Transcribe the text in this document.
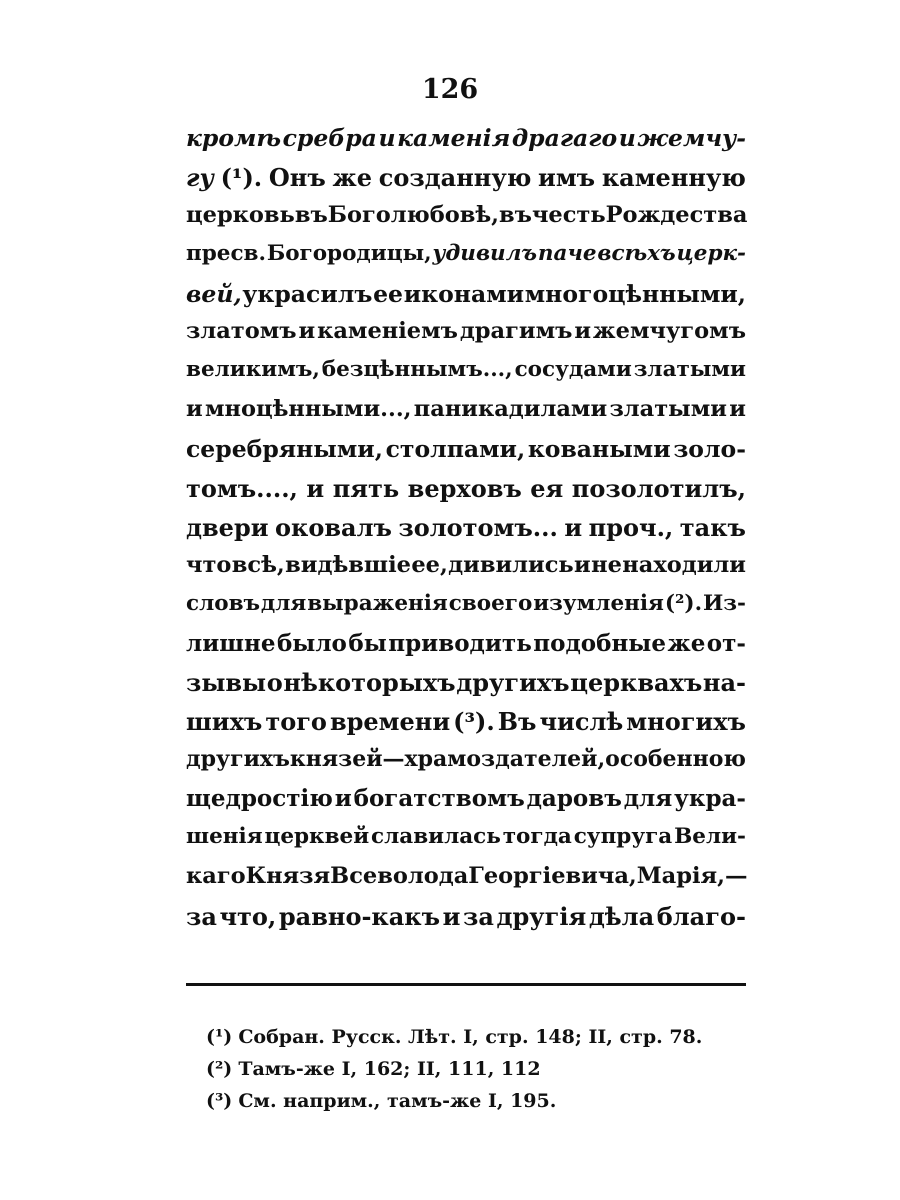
126
кромѣ сребра и каменія драгаго и жемчу-
гу (¹). Онъ же созданную имъ каменную
церковь въ Боголюбовѣ, въ честь Рождества
пресв. Богородицы, удивилъ паче всѣхъ церк-
вей, украсилъ ее иконами многоцѣнными,
златомъ и каменіемъ драгимъ и жемчугомъ
великимъ, безцѣннымъ..., сосудами златыми
и мноцѣнными..., паникадилами златыми и
серебряными, столпами, коваными золо-
томъ...., и пять верховъ ея позолотилъ,
двери оковалъ золотомъ... и проч., такъ
что всѣ, видѣвшіе ее, дивились и не находили
словъ для выраженія своего изумленія (²). Из-
лишне было бы приводить подобные же от-
зывы о нѣкоторыхъ другихъ церквахъ на-
шихъ того времени (³). Въ числѣ многихъ
другихъ князей—храмоздателей, особенною
щедростію и богатствомъ даровъ для укра-
шенія церквей славилась тогда супруга Вели-
каго Князя Всеволода Георгіевича, Марія,—
за что, равно-какъ и за другія дѣла благо-
(¹) Собран. Русск. Лѣт. I, стр. 148; II, стр. 78.
(²) Тамъ-же I, 162; II, 111, 112
(³) См. наприм., тамъ-же I, 195.
